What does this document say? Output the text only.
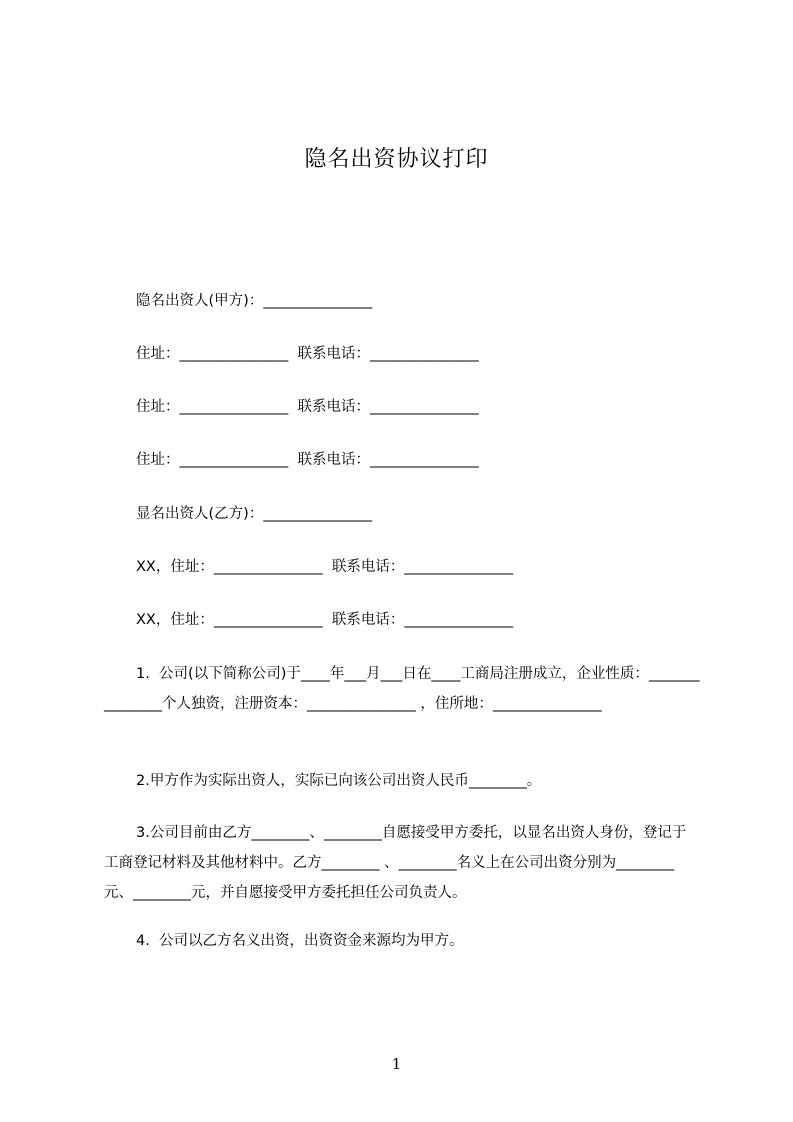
隐名出资协议打印
隐名出资人(甲方)：_______________
住址：_______________  联系电话：_______________
住址：_______________  联系电话：_______________
住址：_______________  联系电话：_______________
显名出资人(乙方)：_______________
XX，住址：_______________  联系电话：_______________
XX，住址：_______________  联系电话：_______________

1.  公司(以下简称公司)于____年___月___日在____工商局注册成立，企业性质：_______________个人独资，注册资本：_______________ ，住所地：_______________

2.甲方作为实际出资人，实际已向该公司出资人民币________。

3.公司目前由乙方________、________自愿接受甲方委托，以显名出资人身份，登记于工商登记材料及其他材料中。乙方________ 、________名义上在公司出资分别为________元、________元，并自愿接受甲方委托担任公司负责人。

4.  公司以乙方名义出资，出资资金来源均为甲方。

1
